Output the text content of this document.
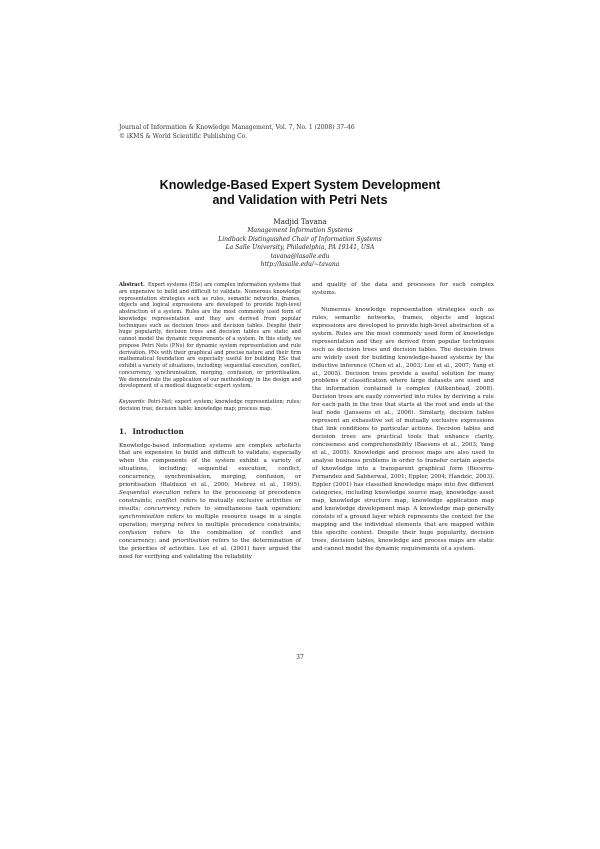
Journal of Information & Knowledge Management, Vol. 7, No. 1 (2008) 37–46
© iKMS & World Scientific Publishing Co.
Knowledge-Based Expert System Development
and Validation with Petri Nets
Madjid Tavana
Management Information Systems
Lindback Distinguished Chair of Information Systems
La Salle University, Philadelphia, PA 19141, USA
tavana@lasalle.edu
http://lasalle.edu/∼tavana

Abstract. Expert systems (ESs) are complex information systems that are expensive to build and difficult to validate. Numerous knowledge representation strategies such as rules, semantic networks, frames, objects and logical expressions are developed to provide high-level abstraction of a system. Rules are the most commonly used form of knowledge representation and they are derived from popular techniques such as decision trees and decision tables. Despite their huge popularity, decision trees and decision tables are static and cannot model the dynamic requirements of a system. In this study, we propose Petri Nets (PNs) for dynamic system representation and rule derivation. PNs with their graphical and precise nature and their firm mathematical foundation are especially useful for building ESs that exhibit a variety of situations, including; sequential execution, conflict, concurrency, synchronisation, merging, confusion, or prioritisation. We demonstrate the application of our methodology in the design and development of a medical diagnostic expert system.

Keywords: Petri-Net; expert system; knowledge representation; rules; decision tree; decision table; knowledge map; process map.

1. Introduction

Knowledge-based information systems are complex artefacts that are expensive to build and difficult to validate, especially when the components of the system exhibit a variety of situations, including; sequential execution, conflict, concurrency, synchronisation, merging, confusion, or prioritisation (Balduzzi et al., 2000; Mehrez et al., 1995). Sequential execution refers to the processing of precedence constraints; conflict refers to mutually exclusive activities or results; concurrency refers to simultaneous task operation; synchronisation refers to multiple resource usage in a single operation; merging refers to multiple precedence constraints; confusion refers to the combination of conflict and concurrency; and prioritisation refers to the determination of the priorities of activities. Lee et al. (2001) have argued the need for verifying and validating the reliability

and quality of the data and processes for such complex systems.

Numerous knowledge representation strategies such as rules, semantic networks, frames, objects and logical expressions are developed to provide high-level abstraction of a system. Rules are the most commonly used form of knowledge representation and they are derived from popular techniques such as decision trees and decision tables. The decision trees are widely used for building knowledge-based systems by the inductive inference (Chen et al., 2003; Lee et al., 2007; Yang et al., 2005). Decision trees provide a useful solution for many problems of classification where large datasets are used and the information contained is complex (Aitkenhead, 2008). Decision trees are easily converted into rules by deriving a rule for each path in the tree that starts at the root and ends at the leaf node (Janssens et al., 2006). Similarly, decision tables represent an exhaustive set of mutually exclusive expressions that link conditions to particular actions. Decision tables and decision trees are practical tools that enhance clarity, conciseness and comprehensibility (Baesens et al., 2003; Yang et al., 2005). Knowledge and process maps are also used to analyse business problems in order to transfer certain aspects of knowledge into a transparent graphical form (Becerra-Fernandez and Sabherwal, 2001; Eppler, 2004; Handzic, 2003). Eppler (2001) has classified knowledge maps into five different categories, including knowledge source map, knowledge asset map, knowledge structure map, knowledge application map and knowledge development map. A knowledge map generally consists of a ground layer which represents the context for the mapping and the individual elements that are mapped within this specific context. Despite their huge popularity, decision trees, decision tables, knowledge and process maps are static and cannot model the dynamic requirements of a system.

37
